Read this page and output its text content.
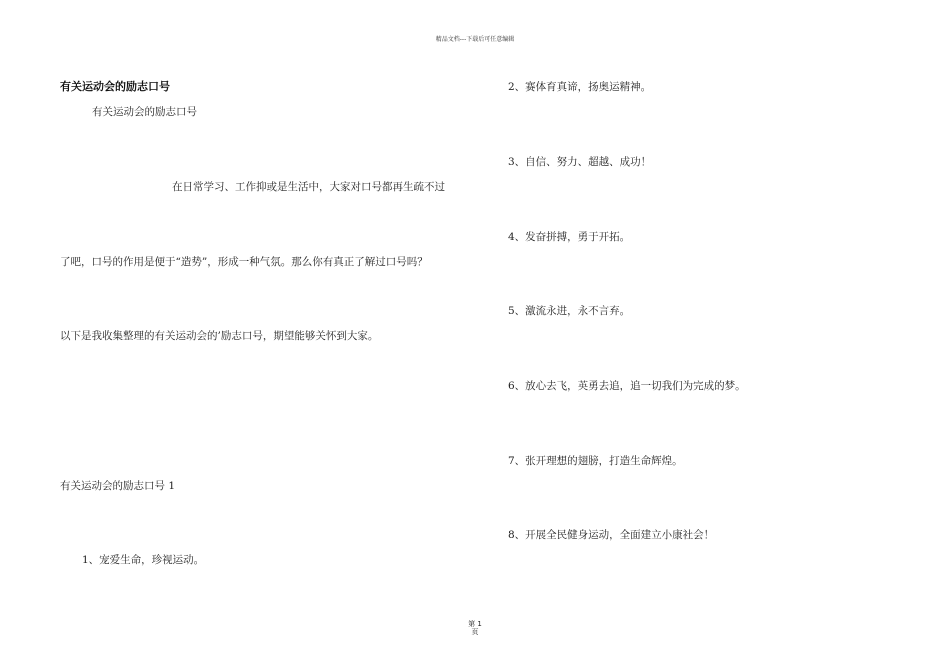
精品文档---下载后可任意编辑
有关运动会的励志口号
有关运动会的励志口号
在日常学习、工作抑或是生活中，大家对口号都再生疏不过
了吧，口号的作用是便于“造势”，形成一种气氛。那么你有真正了解过口号吗？
以下是我收集整理的有关运动会的’励志口号，期望能够关怀到大家。
有关运动会的励志口号 1
1、宠爱生命，珍视运动。
2、赛体育真谛，扬奥运精神。
3、自信、努力、超越、成功！
4、发奋拼搏，勇于开拓。
5、激流永进，永不言弃。
6、放心去飞，英勇去追，追一切我们为完成的梦。
7、张开理想的翅膀，打造生命辉煌。
8、开展全民健身运动，全面建立小康社会！
第 1
页
